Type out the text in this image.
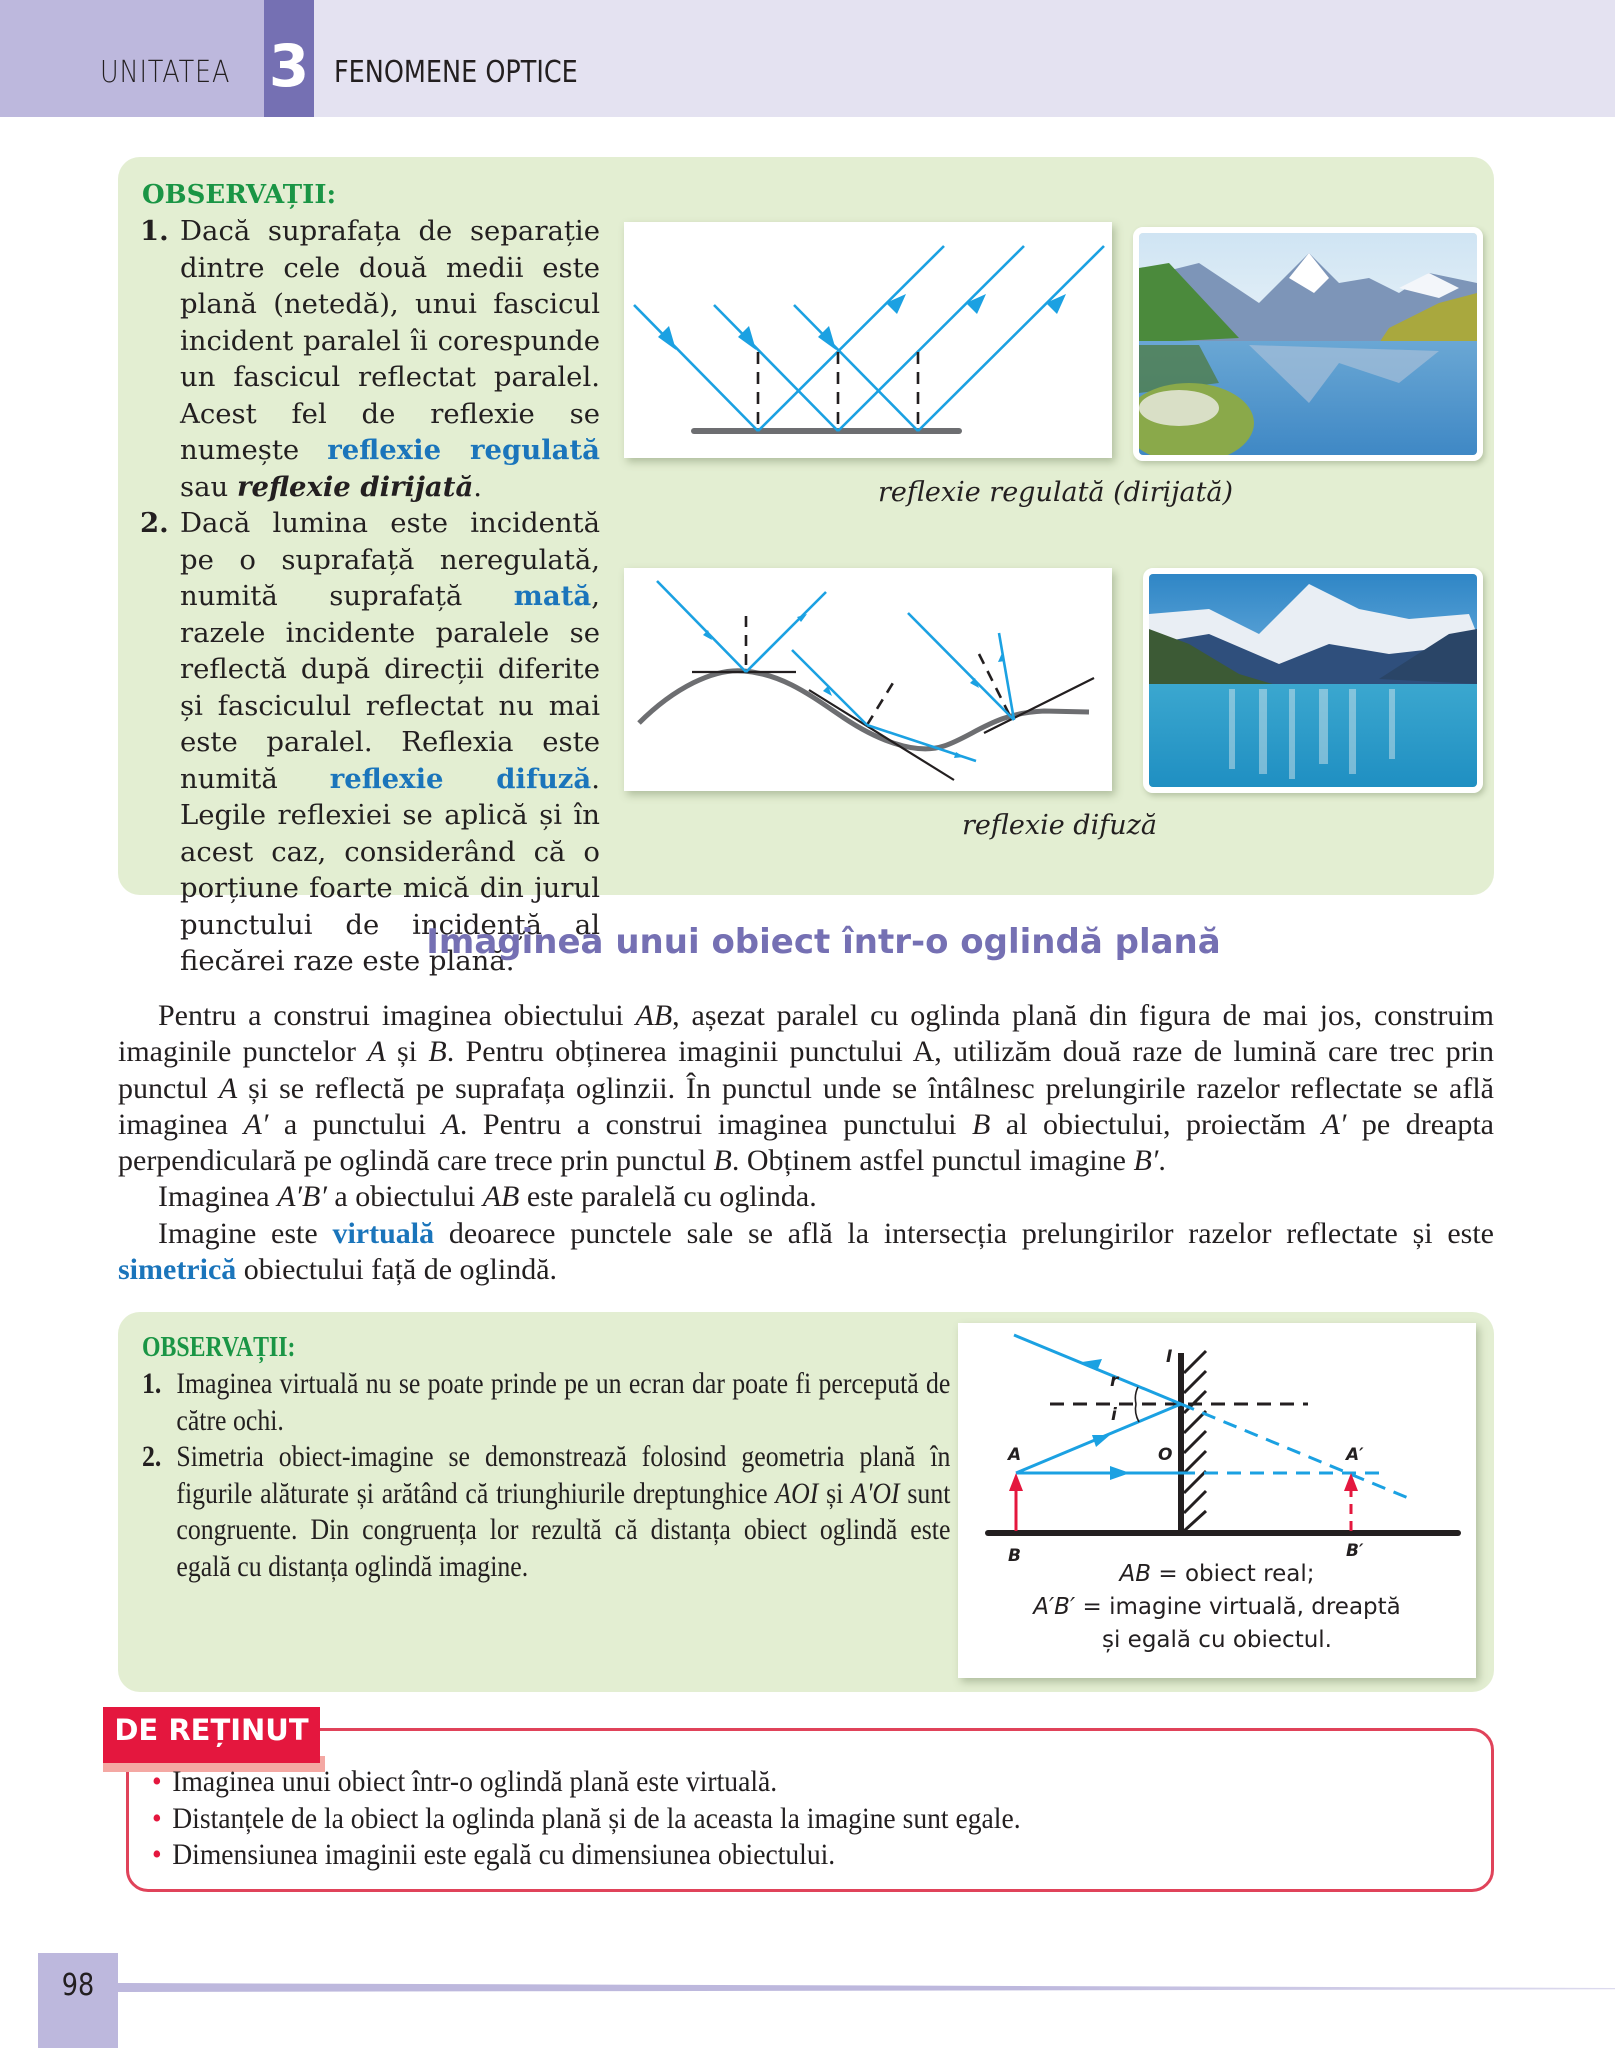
UNITATEA 3 FENOMENE OPTICE
OBSERVAȚII:
1. Dacă suprafața de separație dintre cele două medii este plană (netedă), unui fascicul incident paralel îi corespunde un fascicul reflectat paralel. Acest fel de reflexie se numește reflexie regulată sau reflexie dirijată.
2. Dacă lumina este incidentă pe o suprafață neregulată, numită suprafață mată, razele incidente paralele se reflectă după direcții diferite și fasciculul reflectat nu mai este paralel. Reflexia este numită reflexie difuză. Legile reflexiei se aplică și în acest caz, considerând că o porțiune foarte mică din jurul punctului de incidență al fiecărei raze este plană.
reflexie regulată (dirijată)
reflexie difuză
Imaginea unui obiect într-o oglindă plană

Pentru a construi imaginea obiectului AB, așezat paralel cu oglinda plană din figura de mai jos, construim imaginile punctelor A și B. Pentru obținerea imaginii punctului A, utilizăm două raze de lumină care trec prin punctul A și se reflectă pe suprafața oglinzii. În punctul unde se întâlnesc prelungirile razelor reflectate se află imaginea A′ a punctului A. Pentru a construi imaginea punctului B al obiectului, proiectăm A′ pe dreapta perpendiculară pe oglindă care trece prin punctul B. Obținem astfel punctul imagine B′.

Imaginea A′B′ a obiectului AB este paralelă cu oglinda.

Imagine este virtuală deoarece punctele sale se află la intersecția prelungirilor razelor reflectate și este simetrică obiectului față de oglindă.

OBSERVAȚII:
1. Imaginea virtuală nu se poate prinde pe un ecran dar poate fi percepută de către ochi.
2. Simetria obiect-imagine se demonstrează folosind geometria plană în figurile alăturate și arătând că triunghiurile dreptunghice AOI și A'OI sunt congruente. Din congruența lor rezultă că distanța obiect oglindă este egală cu distanța oglindă imagine.
I
r
i
A	O	A′
B	B′
AB = obiect real;
A′B′ = imagine virtuală, dreaptă
și egală cu obiectul.
DE REȚINUT
• Imaginea unui obiect într-o oglindă plană este virtuală.
• Distanțele de la obiect la oglinda plană și de la aceasta la imagine sunt egale.
• Dimensiunea imaginii este egală cu dimensiunea obiectului.
98
